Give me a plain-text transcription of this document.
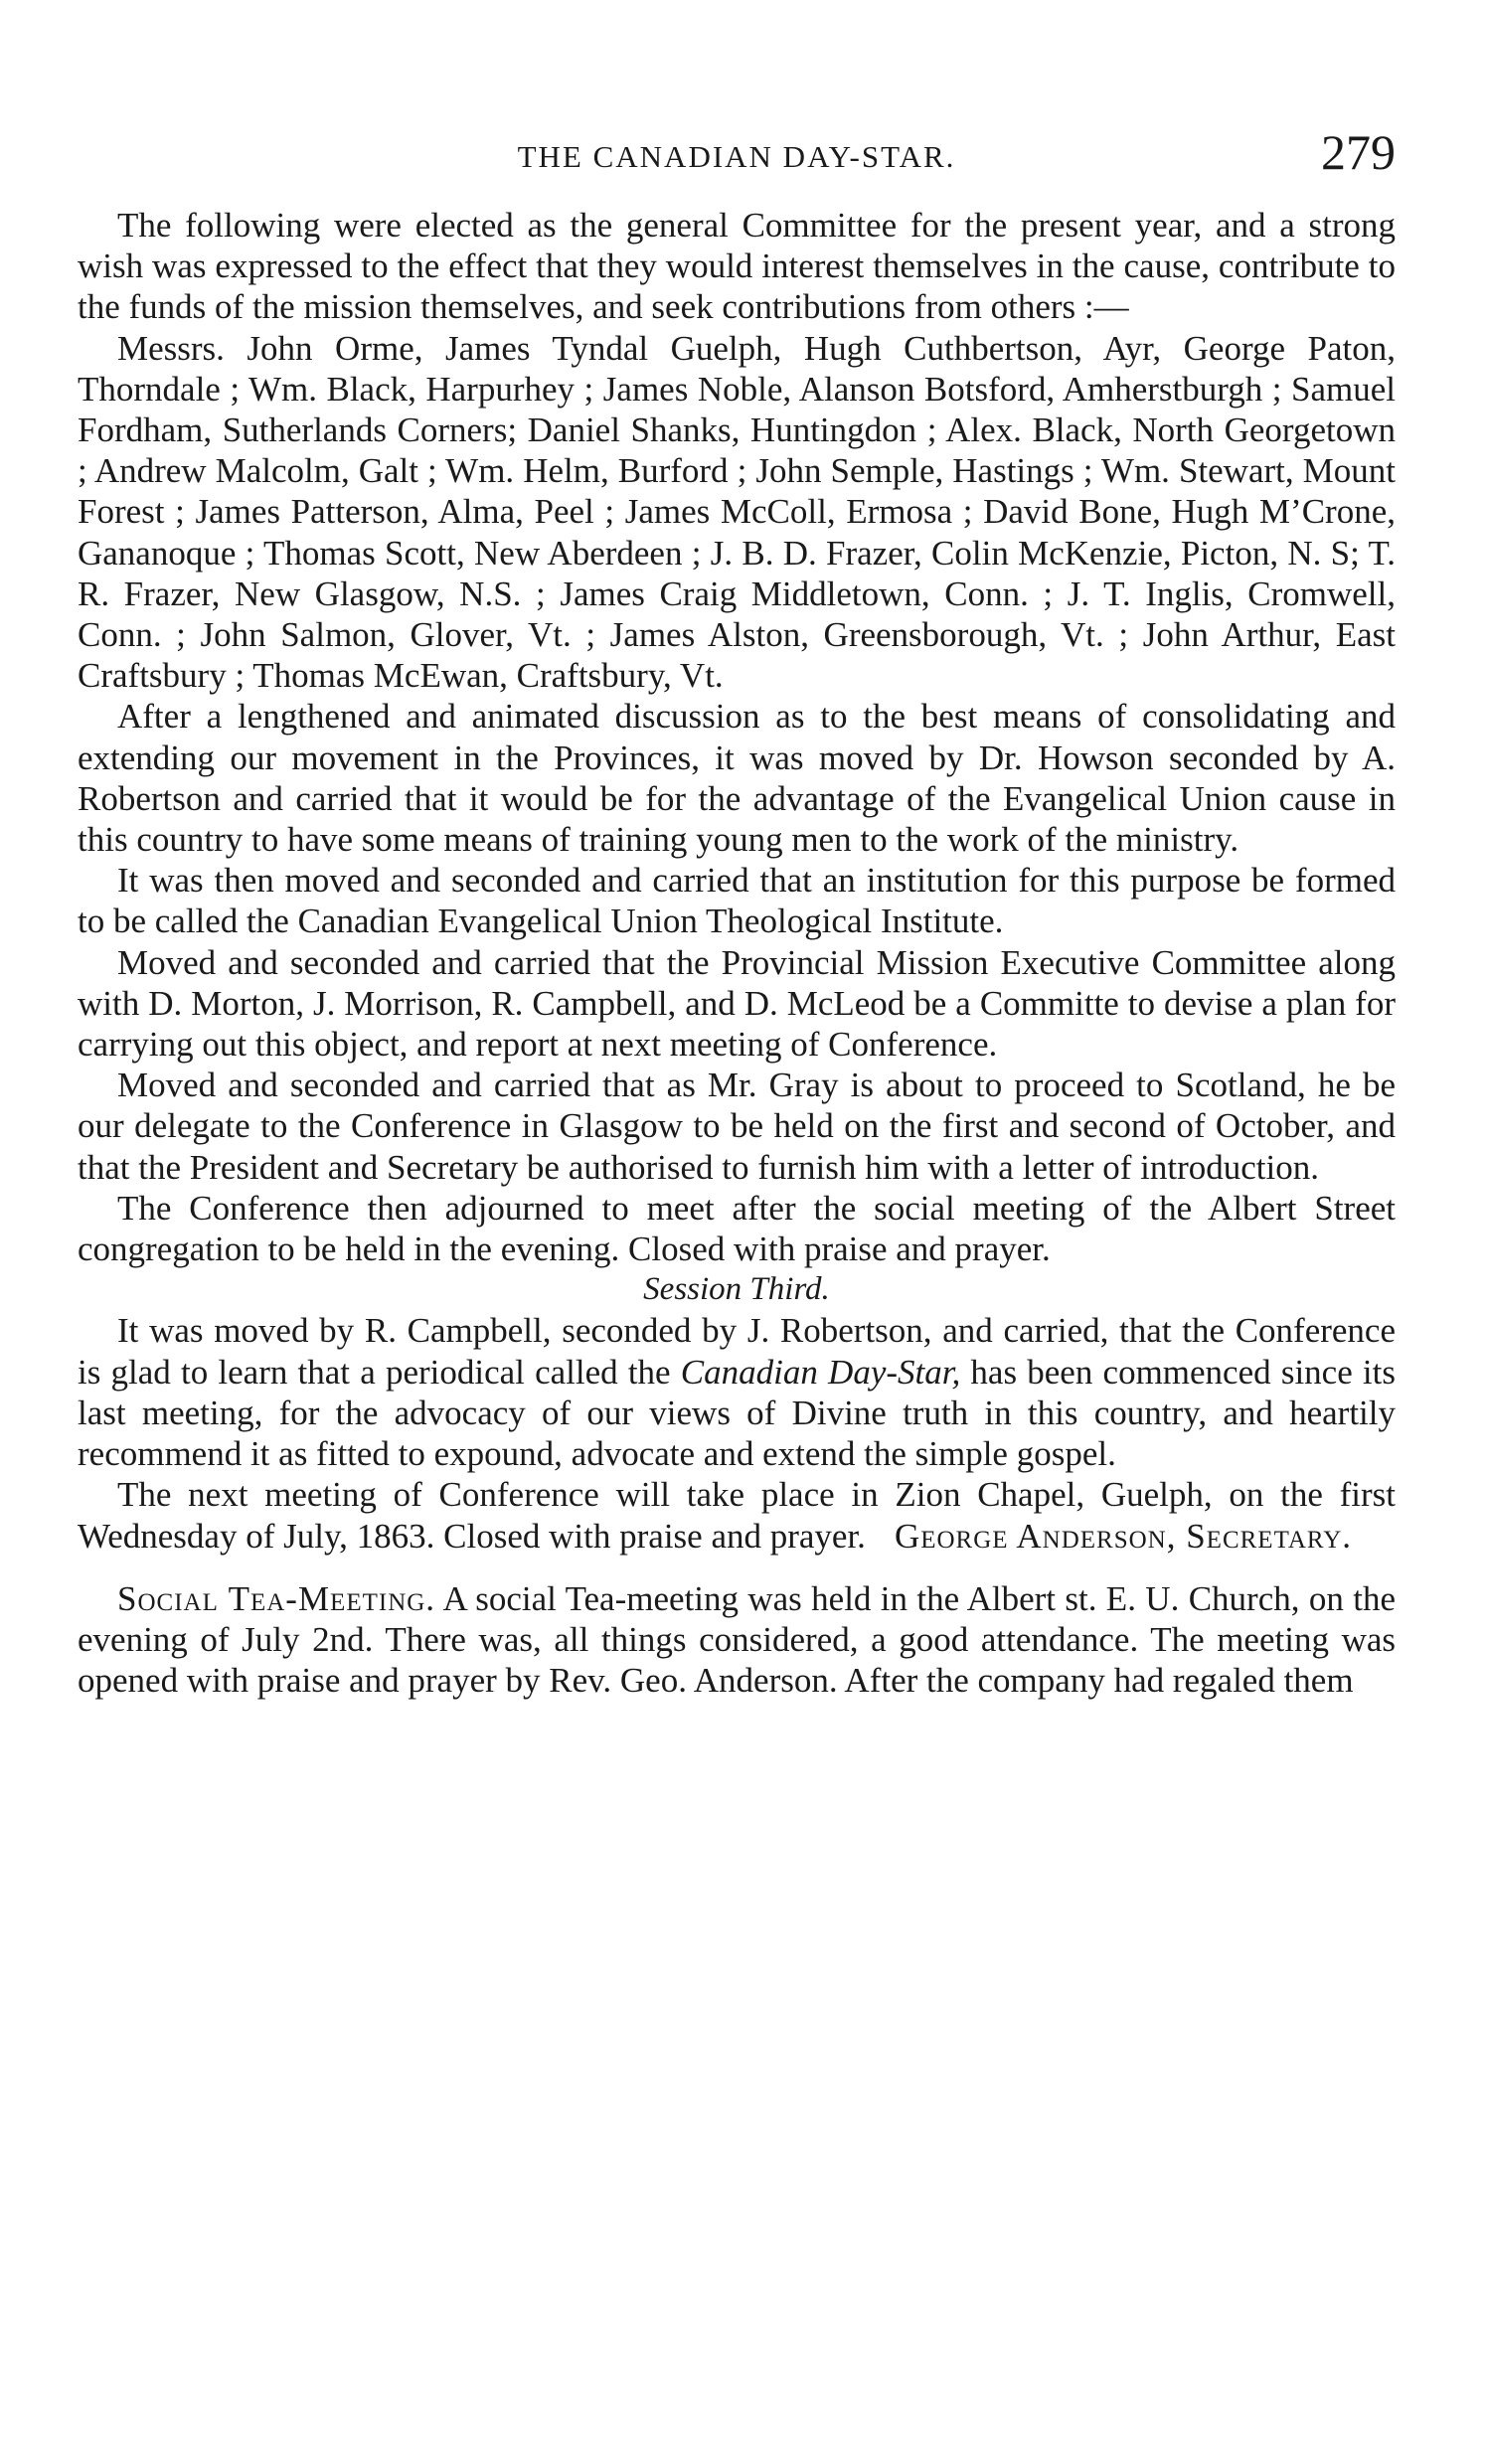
THE CANADIAN DAY-STAR.	279

The following were elected as the general Committee for the present year, and a strong wish was expressed to the effect that they would interest themselves in the cause, contribute to the funds of the mission themselves, and seek contributions from others :—

Messrs. John Orme, James Tyndal Guelph, Hugh Cuthbertson, Ayr, George Paton, Thorndale ; Wm. Black, Harpurhey ; James Noble, Alanson Botsford, Amherstburgh ; Samuel Fordham, Sutherlands Corners; Daniel Shanks, Huntingdon ; Alex. Black, North Georgetown ; Andrew Malcolm, Galt ; Wm. Helm, Burford ; John Semple, Hastings ; Wm. Stewart, Mount Forest ; James Patterson, Alma, Peel ; James McColl, Ermosa ; David Bone, Hugh M’Crone, Gananoque ; Thomas Scott, New Aberdeen ; J. B. D. Frazer, Colin McKenzie, Picton, N. S; T. R. Frazer, New Glasgow, N.S. ; James Craig Middletown, Conn. ; J. T. Inglis, Cromwell, Conn. ; John Salmon, Glover, Vt. ; James Alston, Greensborough, Vt. ; John Arthur, East Craftsbury ; Thomas McEwan, Craftsbury, Vt.

After a lengthened and animated discussion as to the best means of consolidating and extending our movement in the Provinces, it was moved by Dr. Howson seconded by A. Robertson and carried that it would be for the advantage of the Evangelical Union cause in this country to have some means of training young men to the work of the ministry.

It was then moved and seconded and carried that an institution for this purpose be formed to be called the Canadian Evangelical Union Theological Institute.

Moved and seconded and carried that the Provincial Mission Executive Committee along with D. Morton, J. Morrison, R. Campbell, and D. McLeod be a Committe to devise a plan for carrying out this object, and report at next meeting of Conference.

Moved and seconded and carried that as Mr. Gray is about to proceed to Scotland, he be our delegate to the Conference in Glasgow to be held on the first and second of October, and that the President and Secretary be authorised to furnish him with a letter of introduction.

The Conference then adjourned to meet after the social meeting of the Albert Street congregation to be held in the evening. Closed with praise and prayer.

Session Third.

It was moved by R. Campbell, seconded by J. Robertson, and carried, that the Conference is glad to learn that a periodical called the Canadian Day-Star, has been commenced since its last meeting, for the advocacy of our views of Divine truth in this country, and heartily recommend it as fitted to expound, advocate and extend the simple gospel.

The next meeting of Conference will take place in Zion Chapel, Guelph, on the first Wednesday of July, 1863. Closed with praise and prayer. George Anderson, Secretary.

Social Tea-Meeting. A social Tea-meeting was held in the Albert st. E. U. Church, on the evening of July 2nd. There was, all things considered, a good attendance. The meeting was opened with praise and prayer by Rev. Geo. Anderson. After the company had regaled them
